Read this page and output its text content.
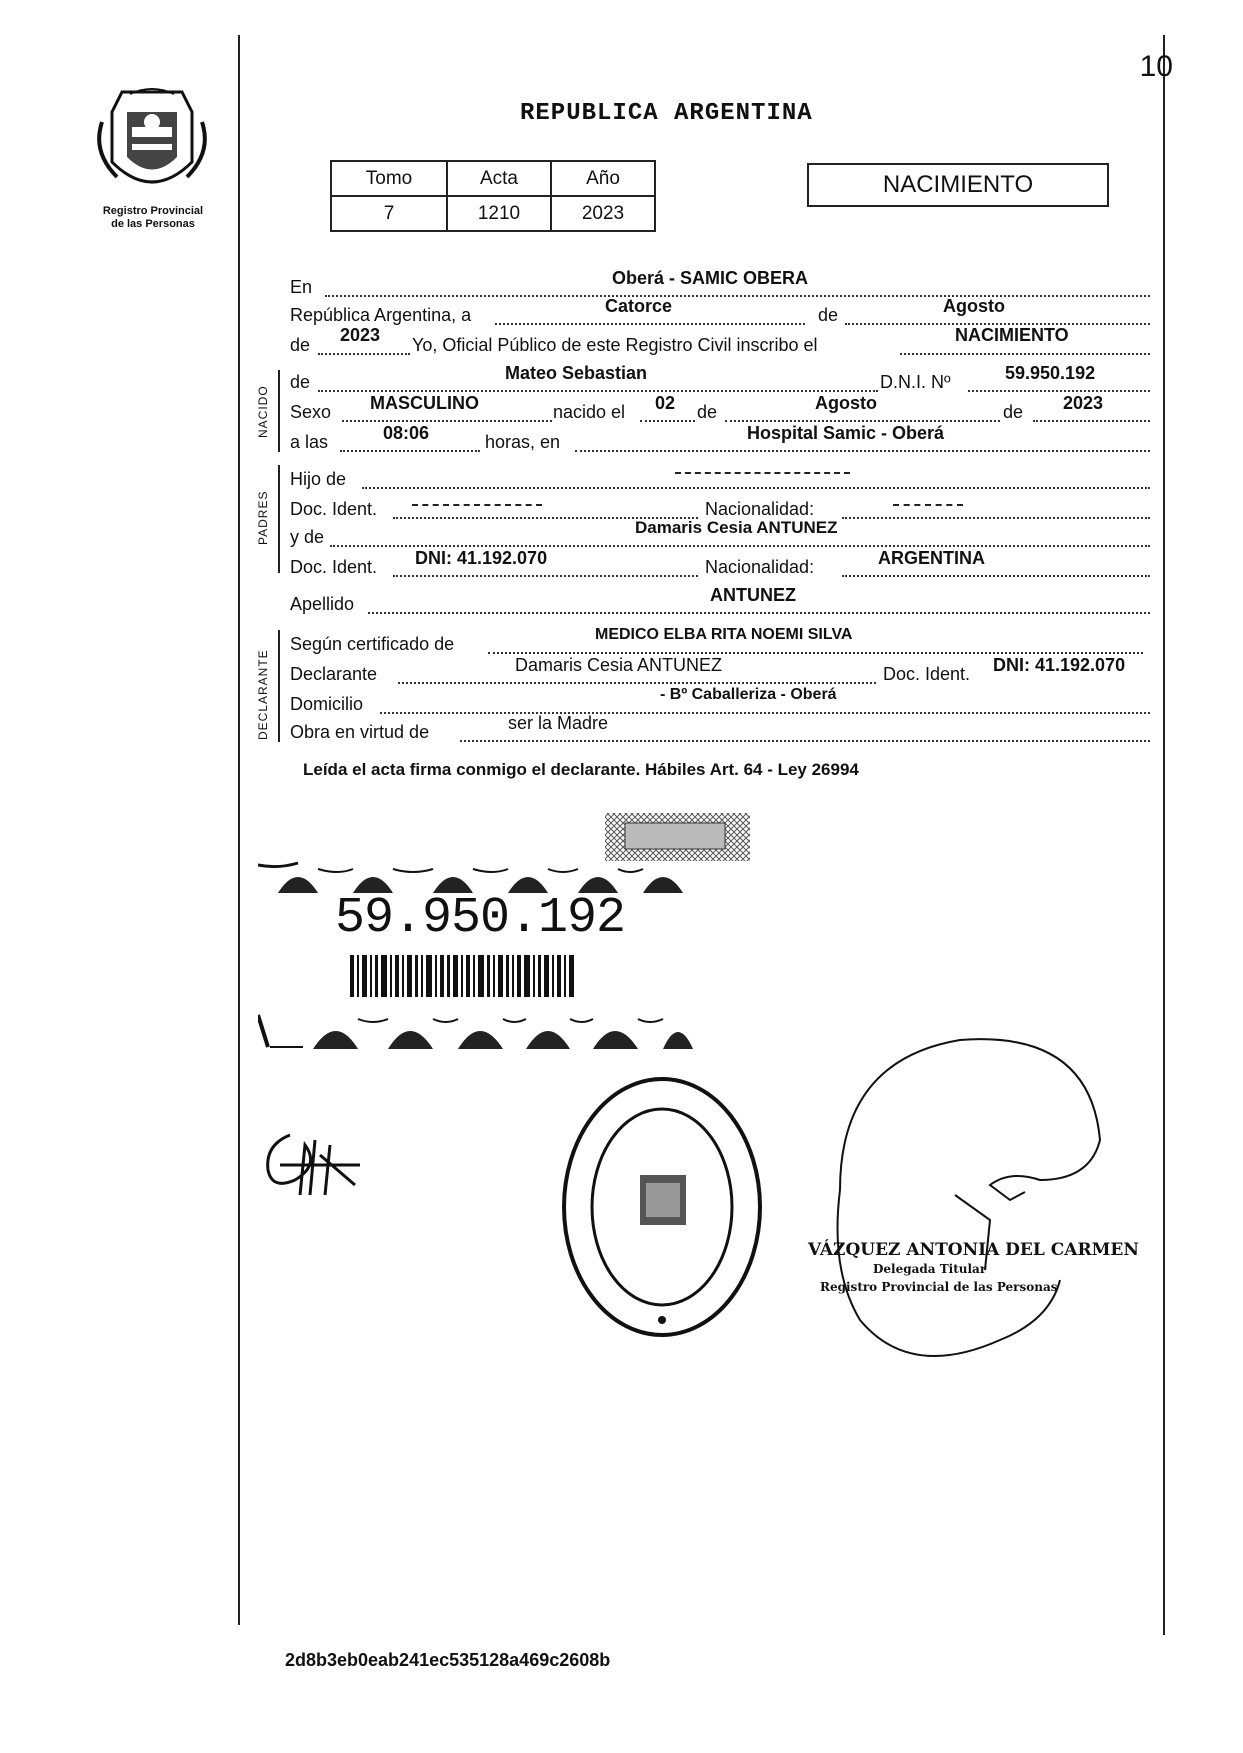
10
Registro Provincial
de las Personas
REPUBLICA ARGENTINA
Tomo	Acta	Año
7	1210	2023
NACIMIENTO
En	Oberá - SAMIC OBERA
República Argentina, a	Catorce	de	Agosto
de 2023 Yo, Oficial Público de este Registro Civil inscribo el	NACIMIENTO
NACIDO
de	Mateo Sebastian	D.N.I. Nº	59.950.192
Sexo MASCULINO	nacido el 02 de	Agosto	de 2023
a las	08:06	horas, en	Hospital Samic - Oberá
PADRES
Hijo de
Doc. Ident.	Nacionalidad:
y de	Damaris Cesia ANTUNEZ
Doc. Ident. DNI: 41.192.070	Nacionalidad:	ARGENTINA
Apellido	ANTUNEZ
DECLARANTE
Según certificado de	MEDICO ELBA RITA NOEMI SILVA
Declarante	Damaris Cesia ANTUNEZ	Doc. Ident. DNI: 41.192.070
Domicilio	- Bº Caballeriza - Oberá
Obra en virtud de	ser la Madre
Leída el acta firma conmigo el declarante. Hábiles Art. 64 - Ley 26994
59.950.192
VÁZQUEZ ANTONIA DEL CARMEN
Delegada Titular
Registro Provincial de las Personas
2d8b3eb0eab241ec535128a469c2608b
